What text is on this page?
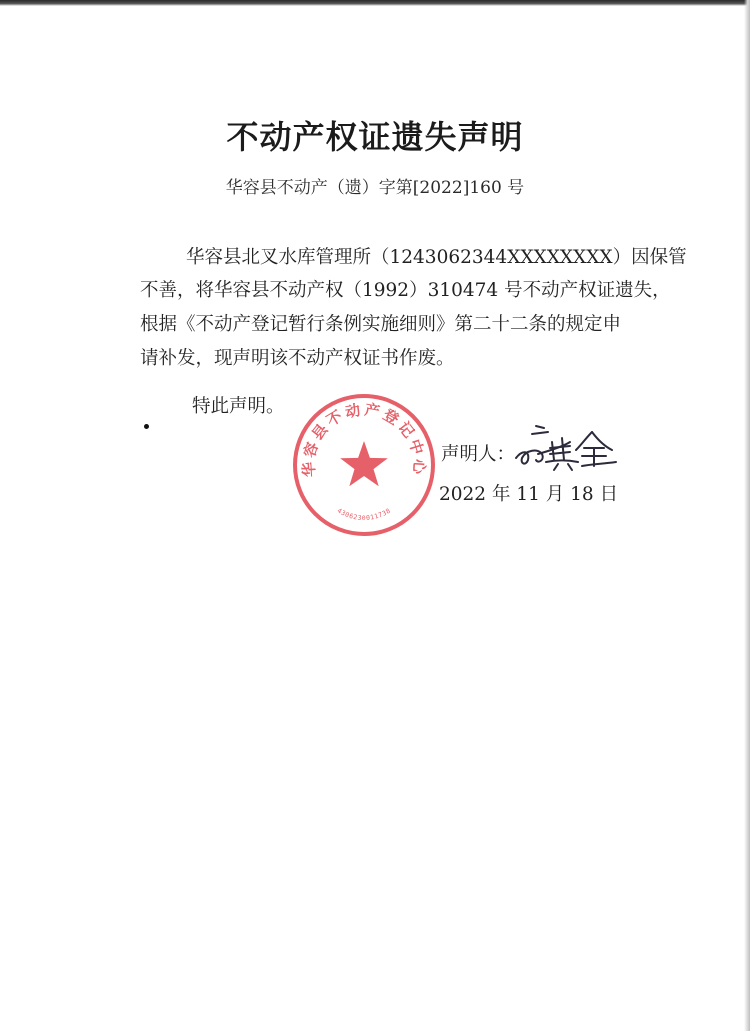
不动产权证遗失声明
华容县不动产（遗）字第[2022]160 号
华容县北叉水库管理所（1243062344XXXXXXXX）因保管
不善，将华容县不动产权（1992）310474 号不动产权证遗失，
根据《不动产登记暂行条例实施细则》第二十二条的规定申
请补发，现声明该不动产权证书作废。
特此声明。
华容县不动产登记中心
4306230011738
声明人：
2022 年 11 月 18 日
